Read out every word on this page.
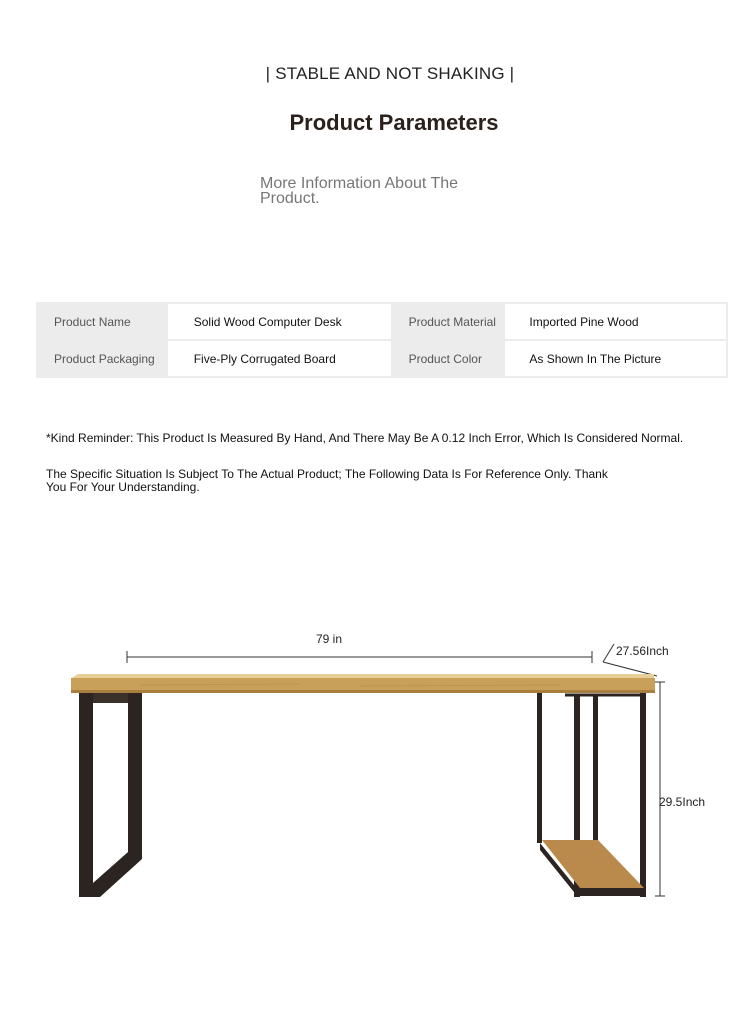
| STABLE AND NOT SHAKING |
Product Parameters
More Information About The Product.
Product Name	Solid Wood Computer Desk	Product Material	Imported Pine Wood
Product Packaging	Five-Ply Corrugated Board	Product Color	As Shown In The Picture
*Kind Reminder: This Product Is Measured By Hand, And There May Be A 0.12 Inch Error, Which Is Considered Normal.
The Specific Situation Is Subject To The Actual Product; The Following Data Is For Reference Only. Thank You For Your Understanding.
79 in
27.56Inch
29.5Inch
